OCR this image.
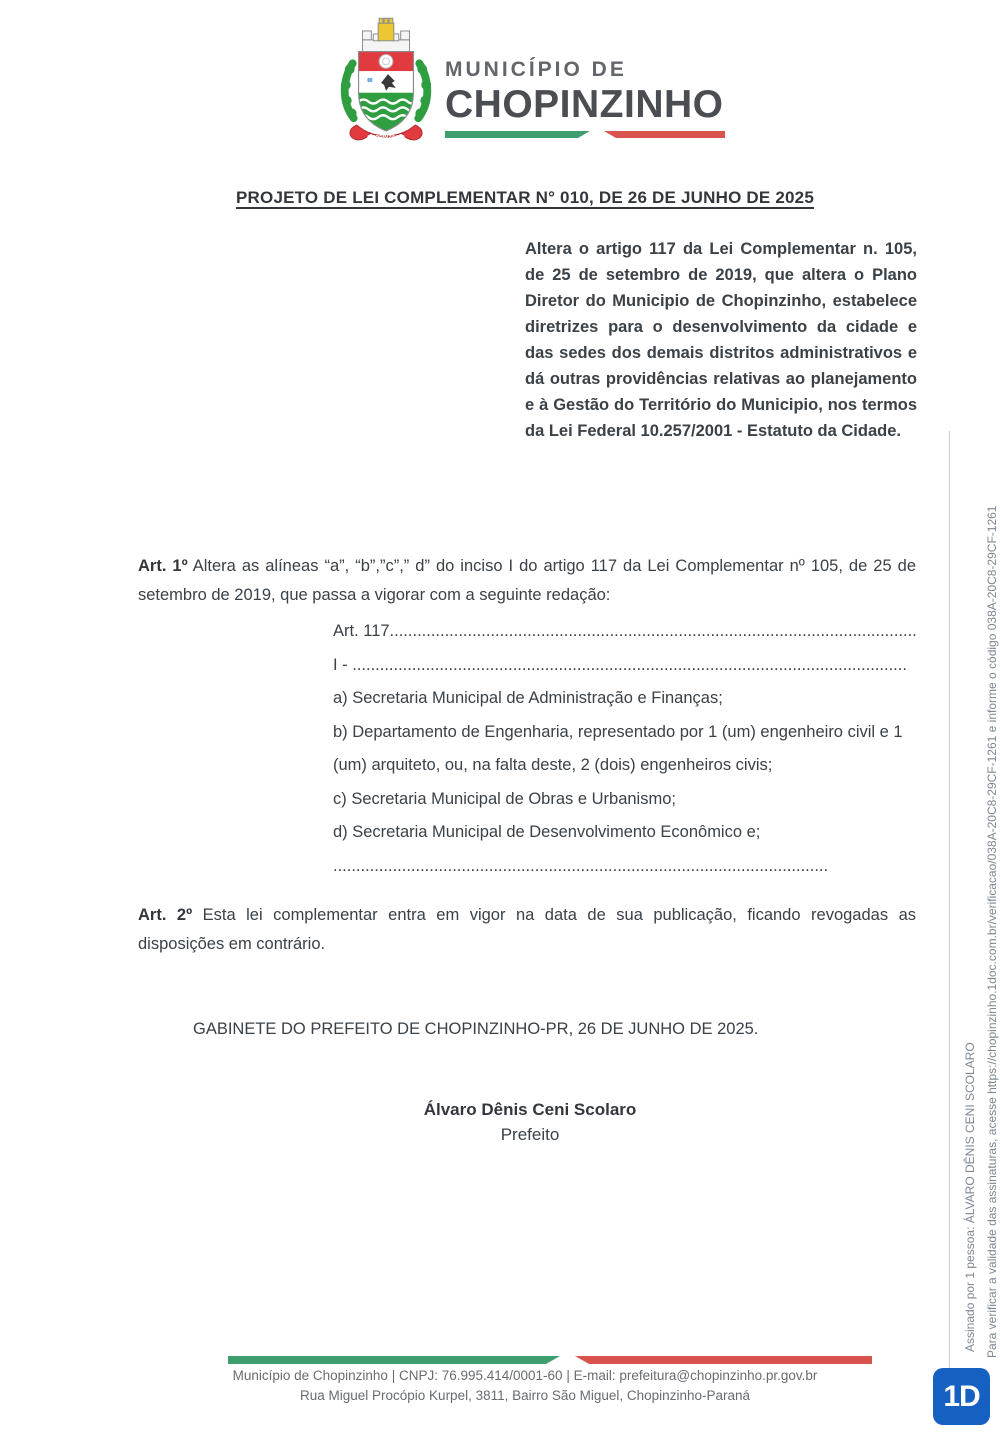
CHOPINZINHO
MUNICÍPIO DE
CHOPINZINHO
PROJETO DE LEI COMPLEMENTAR N° 010, DE 26 DE JUNHO DE 2025
Altera o artigo 117 da Lei Complementar n. 105, de 25 de setembro de 2019, que altera o Plano Diretor do Municipio de Chopinzinho, estabelece diretrizes para o desenvolvimento da cidade e das sedes dos demais distritos administrativos e dá outras providências relativas ao planejamento e à Gestão do Território do Municipio, nos termos da Lei Federal 10.257/2001 - Estatuto da Cidade.
Art. 1º Altera as alíneas “a”, “b”,”c”,” d” do inciso I do artigo 117 da Lei Complementar nº 105, de 25 de setembro de 2019, que passa a vigorar com a seguinte redação:
Art. 117...................................................................................................................
I - .........................................................................................................................
a) Secretaria Municipal de Administração e Finanças;
b) Departamento de Engenharia, representado por 1 (um) engenheiro civil e 1 (um) arquiteto, ou, na falta deste, 2 (dois) engenheiros civis;
c) Secretaria Municipal de Obras e Urbanismo;
d) Secretaria Municipal de Desenvolvimento Econômico e;
............................................................................................................
Art. 2º Esta lei complementar entra em vigor na data de sua publicação, ficando revogadas as disposições em contrário.
GABINETE DO PREFEITO DE CHOPINZINHO-PR, 26 DE JUNHO DE 2025.
Álvaro Dênis Ceni Scolaro
Prefeito	Assinado por 1 pessoa: ÁLVARO DÊNIS CENI SCOLARO Para verificar a validade das assinaturas, acesse https://chopinzinho.1doc.com.br/verificacao/038A-20C8-29CF-1261 e informe o código 038A-20C8-29CF-1261
Município de Chopinzinho | CNPJ: 76.995.414/0001-60 | E-mail: prefeitura@chopinzinho.pr.gov.br
Rua Miguel Procópio Kurpel, 3811, Bairro São Miguel, Chopinzinho-Paraná	1D
